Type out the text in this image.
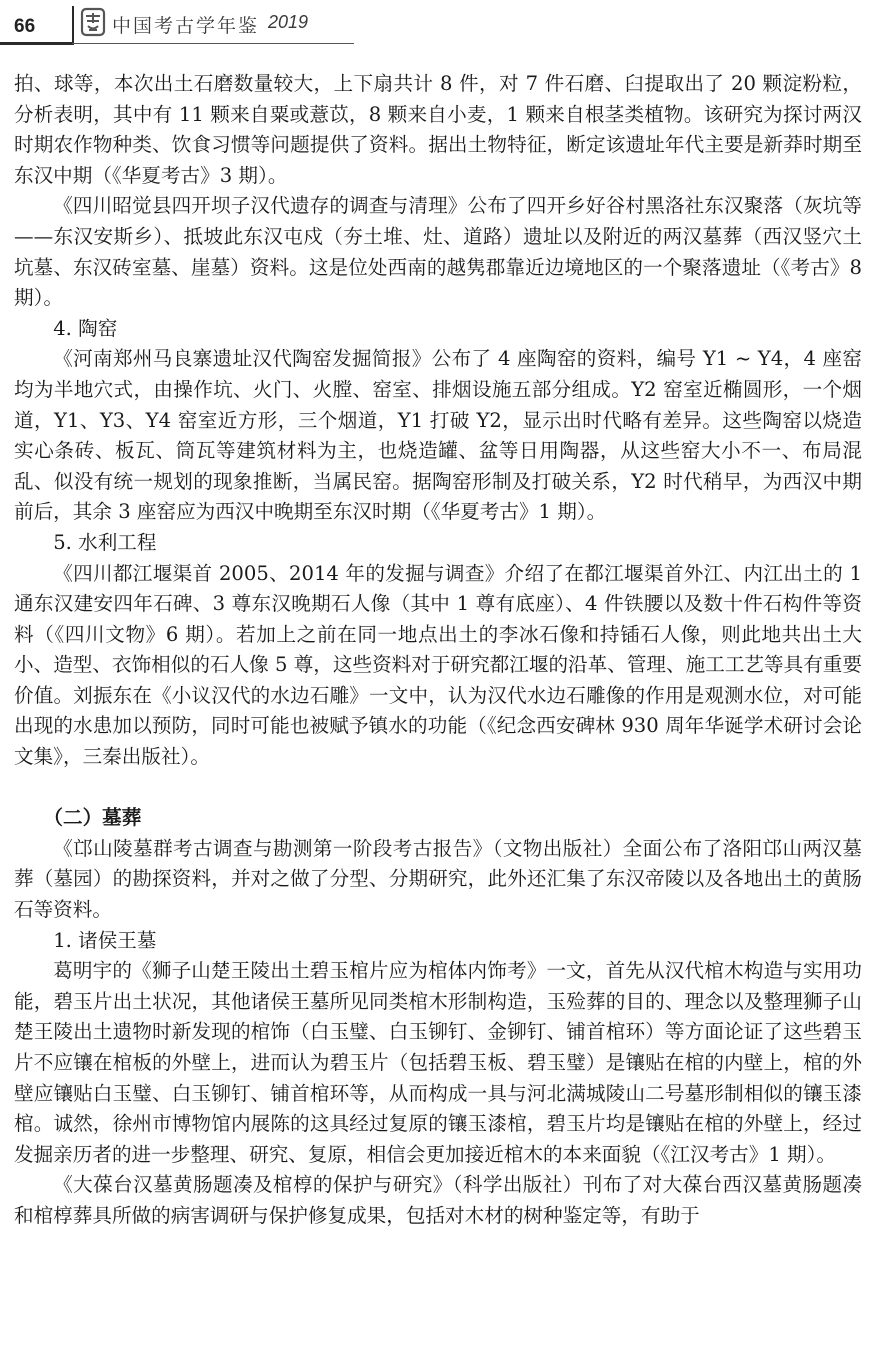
66	中国考古学年鉴 2019

拍、球等，本次出土石磨数量较大，上下扇共计 8 件，对 7 件石磨、臼提取出了 20 颗淀粉粒，分析表明，其中有 11 颗来自粟或薏苡，8 颗来自小麦，1 颗来自根茎类植物。该研究为探讨两汉时期农作物种类、饮食习惯等问题提供了资料。据出土物特征，断定该遗址年代主要是新莽时期至东汉中期（《华夏考古》3 期）。

《四川昭觉县四开坝子汉代遗存的调查与清理》公布了四开乡好谷村黑洛社东汉聚落（灰坑等——东汉安斯乡）、抵坡此东汉屯戍（夯土堆、灶、道路）遗址以及附近的两汉墓葬（西汉竖穴土坑墓、东汉砖室墓、崖墓）资料。这是位处西南的越隽郡靠近边境地区的一个聚落遗址（《考古》8 期）。

4. 陶窑

《河南郑州马良寨遗址汉代陶窑发掘简报》公布了 4 座陶窑的资料，编号 Y1 ~ Y4，4 座窑均为半地穴式，由操作坑、火门、火膛、窑室、排烟设施五部分组成。Y2 窑室近椭圆形，一个烟道，Y1、Y3、Y4 窑室近方形，三个烟道，Y1 打破 Y2，显示出时代略有差异。这些陶窑以烧造实心条砖、板瓦、筒瓦等建筑材料为主，也烧造罐、盆等日用陶器，从这些窑大小不一、布局混乱、似没有统一规划的现象推断，当属民窑。据陶窑形制及打破关系，Y2 时代稍早，为西汉中期前后，其余 3 座窑应为西汉中晚期至东汉时期（《华夏考古》1 期）。

5. 水利工程

《四川都江堰渠首 2005、2014 年的发掘与调查》介绍了在都江堰渠首外江、内江出土的 1 通东汉建安四年石碑、3 尊东汉晚期石人像（其中 1 尊有底座）、4 件铁腰以及数十件石构件等资料（《四川文物》6 期）。若加上之前在同一地点出土的李冰石像和持锸石人像，则此地共出土大小、造型、衣饰相似的石人像 5 尊，这些资料对于研究都江堰的沿革、管理、施工工艺等具有重要价值。刘振东在《小议汉代的水边石雕》一文中，认为汉代水边石雕像的作用是观测水位，对可能出现的水患加以预防，同时可能也被赋予镇水的功能（《纪念西安碑林 930 周年华诞学术研讨会论文集》，三秦出版社）。

（二）墓葬

《邙山陵墓群考古调查与勘测第一阶段考古报告》（文物出版社）全面公布了洛阳邙山两汉墓葬（墓园）的勘探资料，并对之做了分型、分期研究，此外还汇集了东汉帝陵以及各地出土的黄肠石等资料。

1. 诸侯王墓

葛明宇的《狮子山楚王陵出土碧玉棺片应为棺体内饰考》一文，首先从汉代棺木构造与实用功能，碧玉片出土状况，其他诸侯王墓所见同类棺木形制构造，玉殓葬的目的、理念以及整理狮子山楚王陵出土遗物时新发现的棺饰（白玉璧、白玉铆钉、金铆钉、铺首棺环）等方面论证了这些碧玉片不应镶在棺板的外壁上，进而认为碧玉片（包括碧玉板、碧玉璧）是镶贴在棺的内壁上，棺的外壁应镶贴白玉璧、白玉铆钉、铺首棺环等，从而构成一具与河北满城陵山二号墓形制相似的镶玉漆棺。诚然，徐州市博物馆内展陈的这具经过复原的镶玉漆棺，碧玉片均是镶贴在棺的外壁上，经过发掘亲历者的进一步整理、研究、复原，相信会更加接近棺木的本来面貌（《江汉考古》1 期）。

《大葆台汉墓黄肠题凑及棺椁的保护与研究》（科学出版社）刊布了对大葆台西汉墓黄肠题凑和棺椁葬具所做的病害调研与保护修复成果，包括对木材的树种鉴定等，有助于
